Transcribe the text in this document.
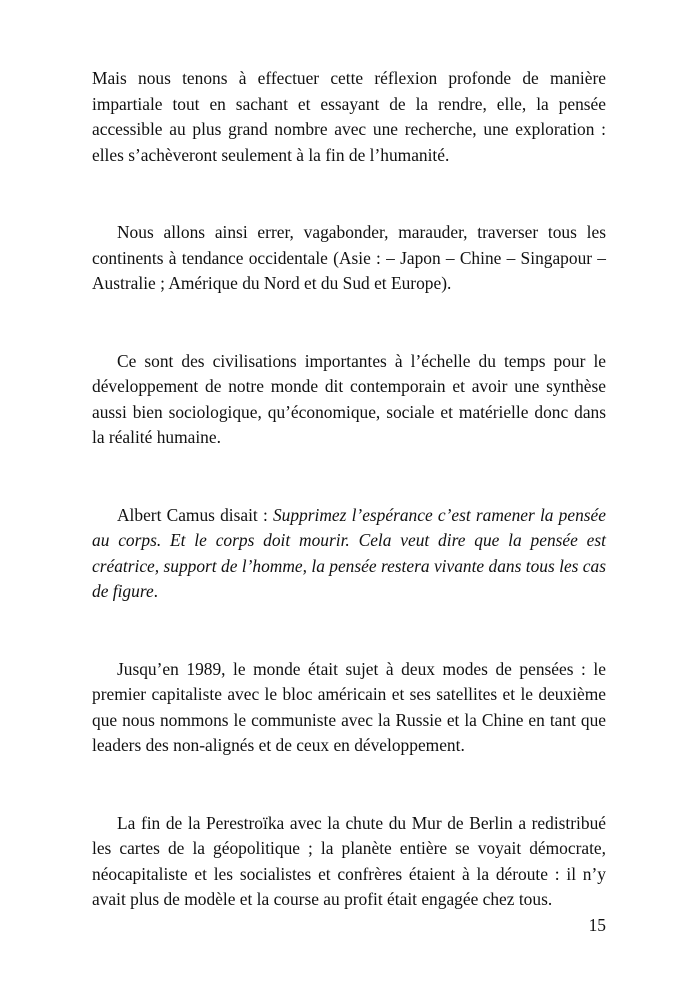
Mais nous tenons à effectuer cette réflexion profonde de manière impartiale tout en sachant et essayant de la rendre, elle, la pensée accessible au plus grand nombre avec une recherche, une exploration : elles s’achèveront seulement à la fin de l’humanité.

Nous allons ainsi errer, vagabonder, marauder, traverser tous les continents à tendance occidentale (Asie : – Japon – Chine – Singapour – Australie ; Amérique du Nord et du Sud et Europe).

Ce sont des civilisations importantes à l’échelle du temps pour le développement de notre monde dit contemporain et avoir une synthèse aussi bien sociologique, qu’économique, sociale et matérielle donc dans la réalité humaine.

Albert Camus disait : Supprimez l’espérance c’est ramener la pensée au corps. Et le corps doit mourir. Cela veut dire que la pensée est créatrice, support de l’homme, la pensée restera vivante dans tous les cas de figure.

Jusqu’en 1989, le monde était sujet à deux modes de pensées : le premier capitaliste avec le bloc américain et ses satellites et le deuxième que nous nommons le communiste avec la Russie et la Chine en tant que leaders des non-alignés et de ceux en développement.

La fin de la Perestroïka avec la chute du Mur de Berlin a redistribué les cartes de la géopolitique ; la planète entière se voyait démocrate, néocapitaliste et les socialistes et confrères étaient à la déroute : il n’y avait plus de modèle et la course au profit était engagée chez tous.

15
